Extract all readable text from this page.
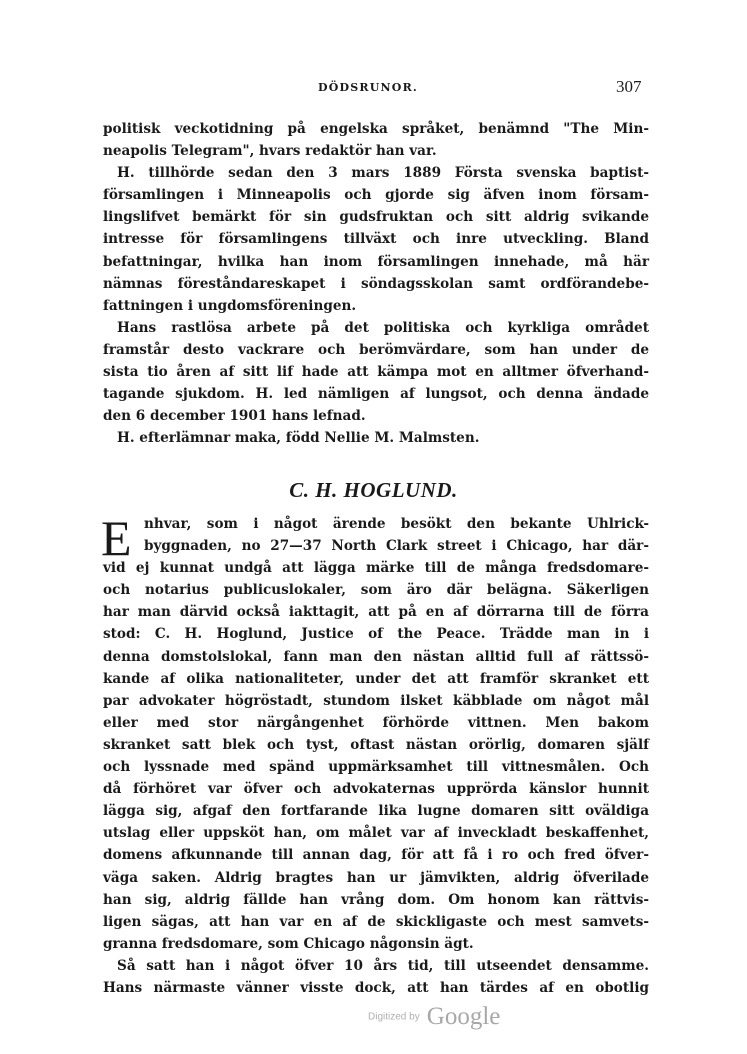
DÖDSRUNOR.	307
politisk veckotidning på engelska språket, benämnd "The Min-
neapolis Telegram", hvars redaktör han var.
H. tillhörde sedan den 3 mars 1889 Första svenska baptist-
församlingen i Minneapolis och gjorde sig äfven inom försam-
lingslifvet bemärkt för sin gudsfruktan och sitt aldrig svikande
intresse för församlingens tillväxt och inre utveckling. Bland
befattningar, hvilka han inom församlingen innehade, må här
nämnas föreståndareskapet i söndagsskolan samt ordförandebe-
fattningen i ungdomsföreningen.
Hans rastlösa arbete på det politiska och kyrkliga området
framstår desto vackrare och berömvärdare, som han under de
sista tio åren af sitt lif hade att kämpa mot en alltmer öfverhand-
tagande sjukdom. H. led nämligen af lungsot, och denna ändade
den 6 december 1901 hans lefnad.
H. efterlämnar maka, född Nellie M. Malmsten.
C. H. HOGLUND.
E nhvar, som i något ärende besökt den bekante Uhlrick-
byggnaden, no 27—37 North Clark street i Chicago, har där-
vid ej kunnat undgå att lägga märke till de många fredsdomare-
och notarius publicuslokaler, som äro där belägna. Säkerligen
har man därvid också iakttagit, att på en af dörrarna till de förra
stod: C. H. Hoglund, Justice of the Peace. Trädde man in i
denna domstolslokal, fann man den nästan alltid full af rättssö-
kande af olika nationaliteter, under det att framför skranket ett
par advokater högröstadt, stundom ilsket käbblade om något mål
eller med stor närgångenhet förhörde vittnen. Men bakom
skranket satt blek och tyst, oftast nästan orörlig, domaren själf
och lyssnade med spänd uppmärksamhet till vittnesmålen. Och
då förhöret var öfver och advokaternas upprörda känslor hunnit
lägga sig, afgaf den fortfarande lika lugne domaren sitt oväldiga
utslag eller uppsköt han, om målet var af inveckladt beskaffenhet,
domens afkunnande till annan dag, för att få i ro och fred öfver-
väga saken. Aldrig bragtes han ur jämvikten, aldrig öfverilade
han sig, aldrig fällde han vrång dom. Om honom kan rättvis-
ligen sägas, att han var en af de skickligaste och mest samvets-
granna fredsdomare, som Chicago någonsin ägt.
Så satt han i något öfver 10 års tid, till utseendet densamme.
Hans närmaste vänner visste dock, att han tärdes af en obotlig
Digitized by Google
